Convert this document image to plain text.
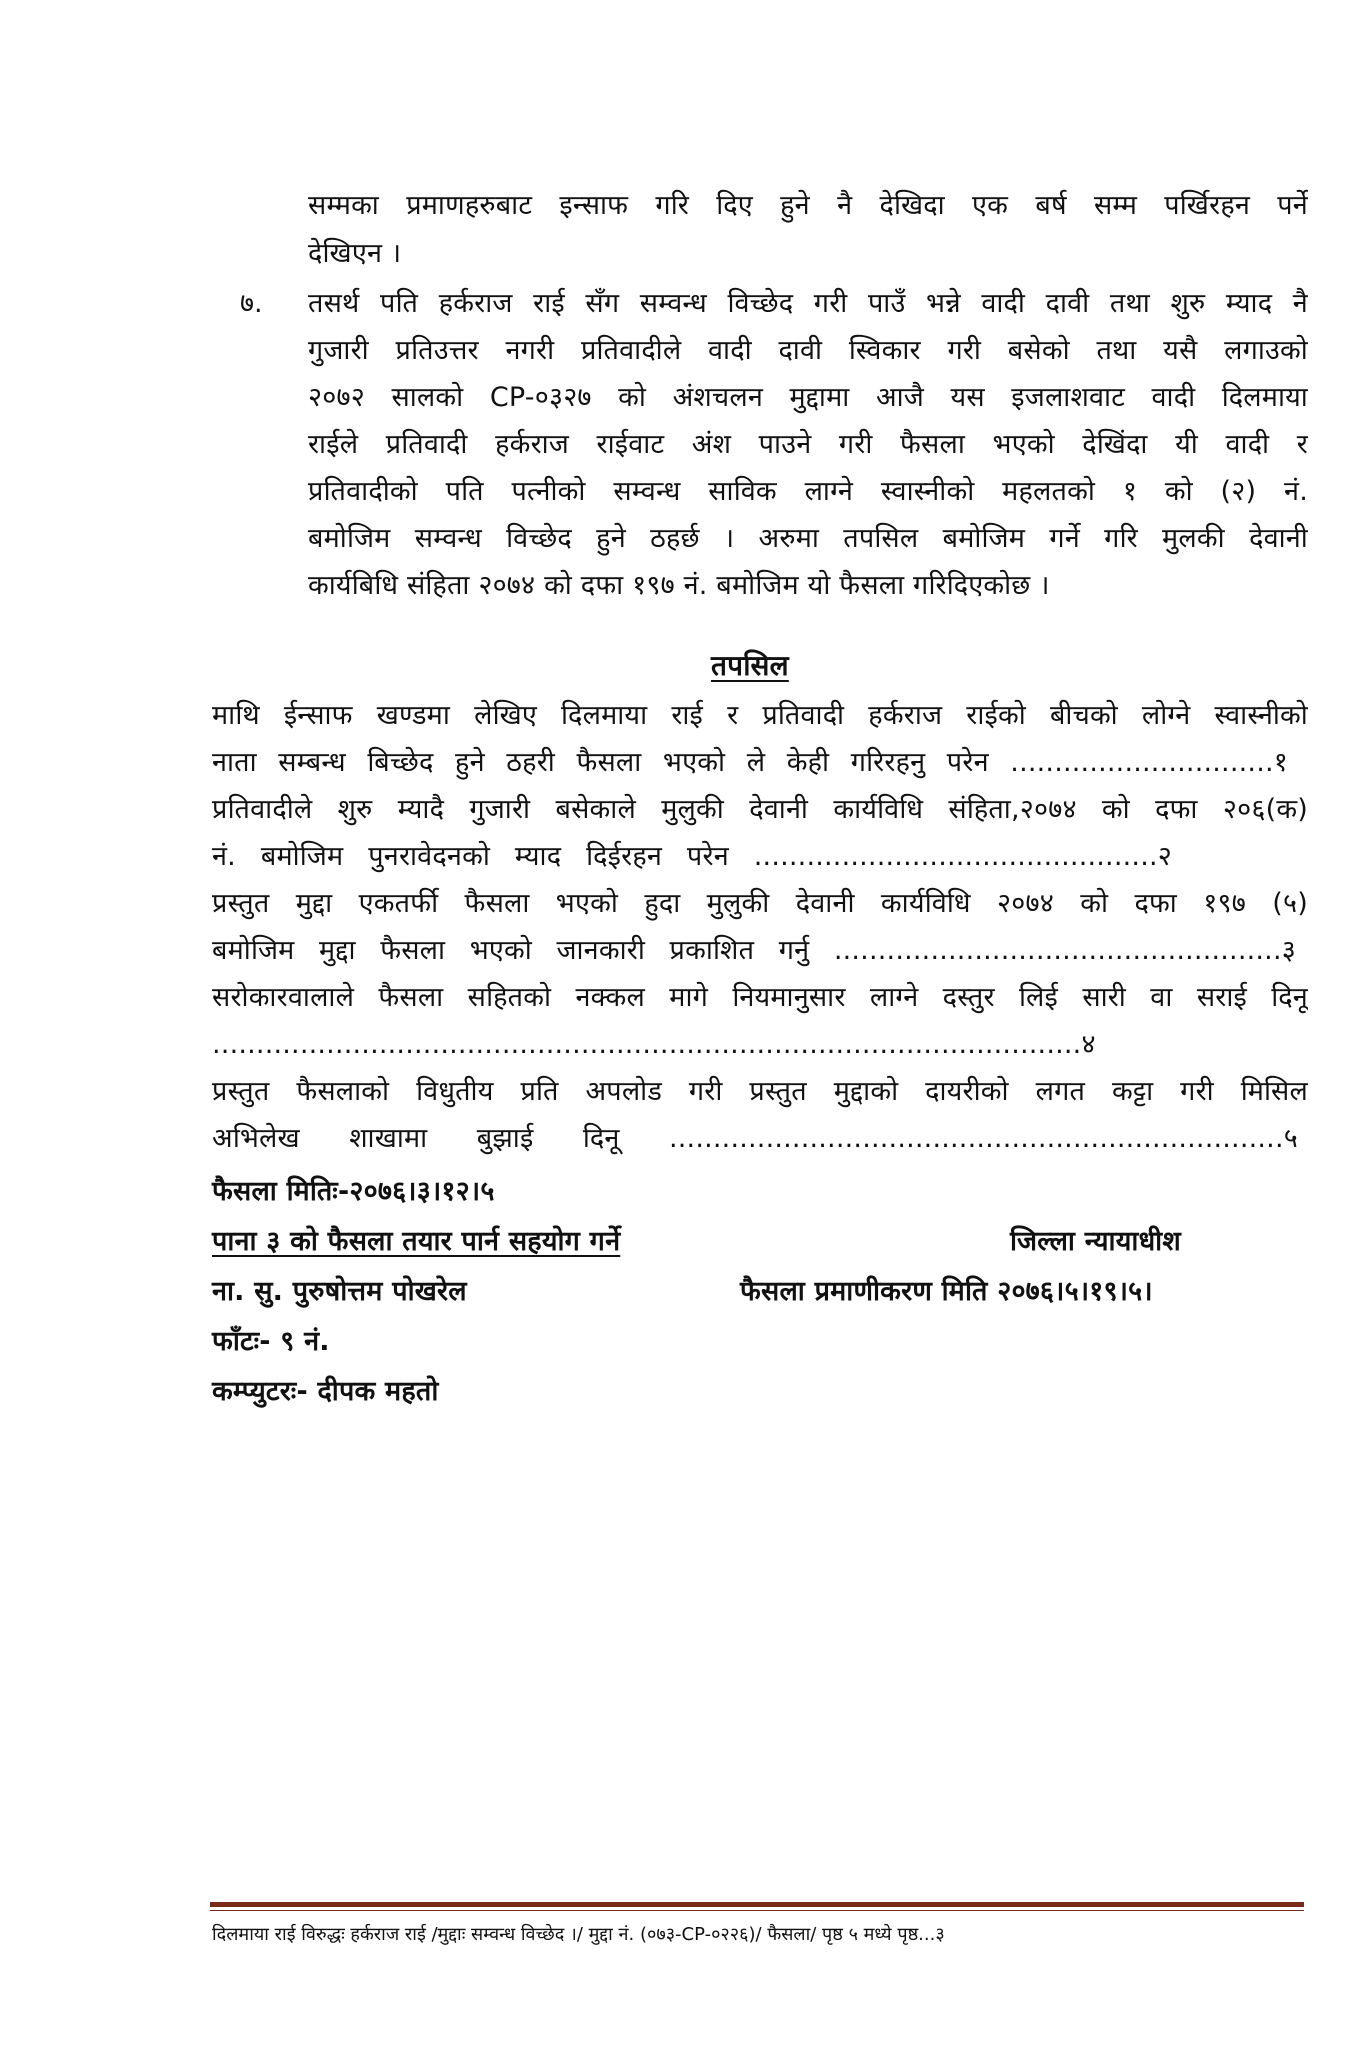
सम्मका प्रमाणहरुबाट इन्साफ गरि दिए हुने नै देखिदा एक बर्ष सम्म पर्खिरहन पर्ने
देखिएन ।
७. तसर्थ पति हर्कराज राई सँग सम्वन्ध विच्छेद गरी पाउँ भन्ने वादी दावी तथा शुरु म्याद नै
गुजारी प्रतिउत्तर नगरी प्रतिवादीले वादी दावी स्विकार गरी बसेको तथा यसै लगाउको
२०७२ सालको CP-०३२७ को अंशचलन मुद्दामा आजै यस इजलाशवाट वादी दिलमाया
राईले प्रतिवादी हर्कराज राईवाट अंश पाउने गरी फैसला भएको देखिंदा यी वादी र
प्रतिवादीको पति पत्नीको सम्वन्ध साविक लाग्ने स्वास्नीको महलतको १ को (२) नं.
बमोजिम सम्वन्ध विच्छेद हुने ठहर्छ । अरुमा तपसिल बमोजिम गर्ने गरि मुलकी देवानी
कार्यबिधि संहिता २०७४ को दफा १९७ नं. बमोजिम यो फैसला गरिदिएकोछ ।
तपसिल
माथि ईन्साफ खण्डमा लेखिए दिलमाया राई र प्रतिवादी हर्कराज राईको बीचको लोग्ने स्वास्नीको
नाता सम्बन्ध बिच्छेद हुने ठहरी फैसला भएको ले केही गरिरहनु परेन ..............................१
प्रतिवादीले शुरु म्यादै गुजारी बसेकाले मुलुकी देवानी कार्यविधि संहिता,२०७४ को दफा २०६(क)
नं. बमोजिम पुनरावेदनको म्याद दिईरहन परेन ..............................................२
प्रस्तुत मुद्दा एकतर्फी फैसला भएको हुदा मुलुकी देवानी कार्यविधि २०७४ को दफा १९७ (५)
बमोजिम मुद्दा फैसला भएको जानकारी प्रकाशित गर्नु ...................................................३
सरोकारवालाले फैसला सहितको नक्कल मागे नियमानुसार लाग्ने दस्तुर लिई सारी वा सराई दिनू
...................................................................................................४
प्रस्तुत फैसलाको विधुतीय प्रति अपलोड गरी प्रस्तुत मुद्दाको दायरीको लगत कट्टा गरी मिसिल
अभिलेख शाखामा बुझाई दिनू ......................................................................५
फैसला मितिः-२०७६।३।१२।५
पाना ३ को फैसला तयार पार्न सहयोग गर्ने	जिल्ला न्यायाधीश
ना. सु. पुरुषोत्तम पोखरेल	फैसला प्रमाणीकरण मिति २०७६।५।१९।५।
फाँटः- ९ नं.
कम्प्युटरः- दीपक महतो
दिलमाया राई विरुद्धः हर्कराज राई /मुद्दाः सम्वन्ध विच्छेद ।/ मुद्दा नं. (०७३-CP-०२२६)/ फैसला/ पृष्ठ ५ मध्ये पृष्ठ...३
